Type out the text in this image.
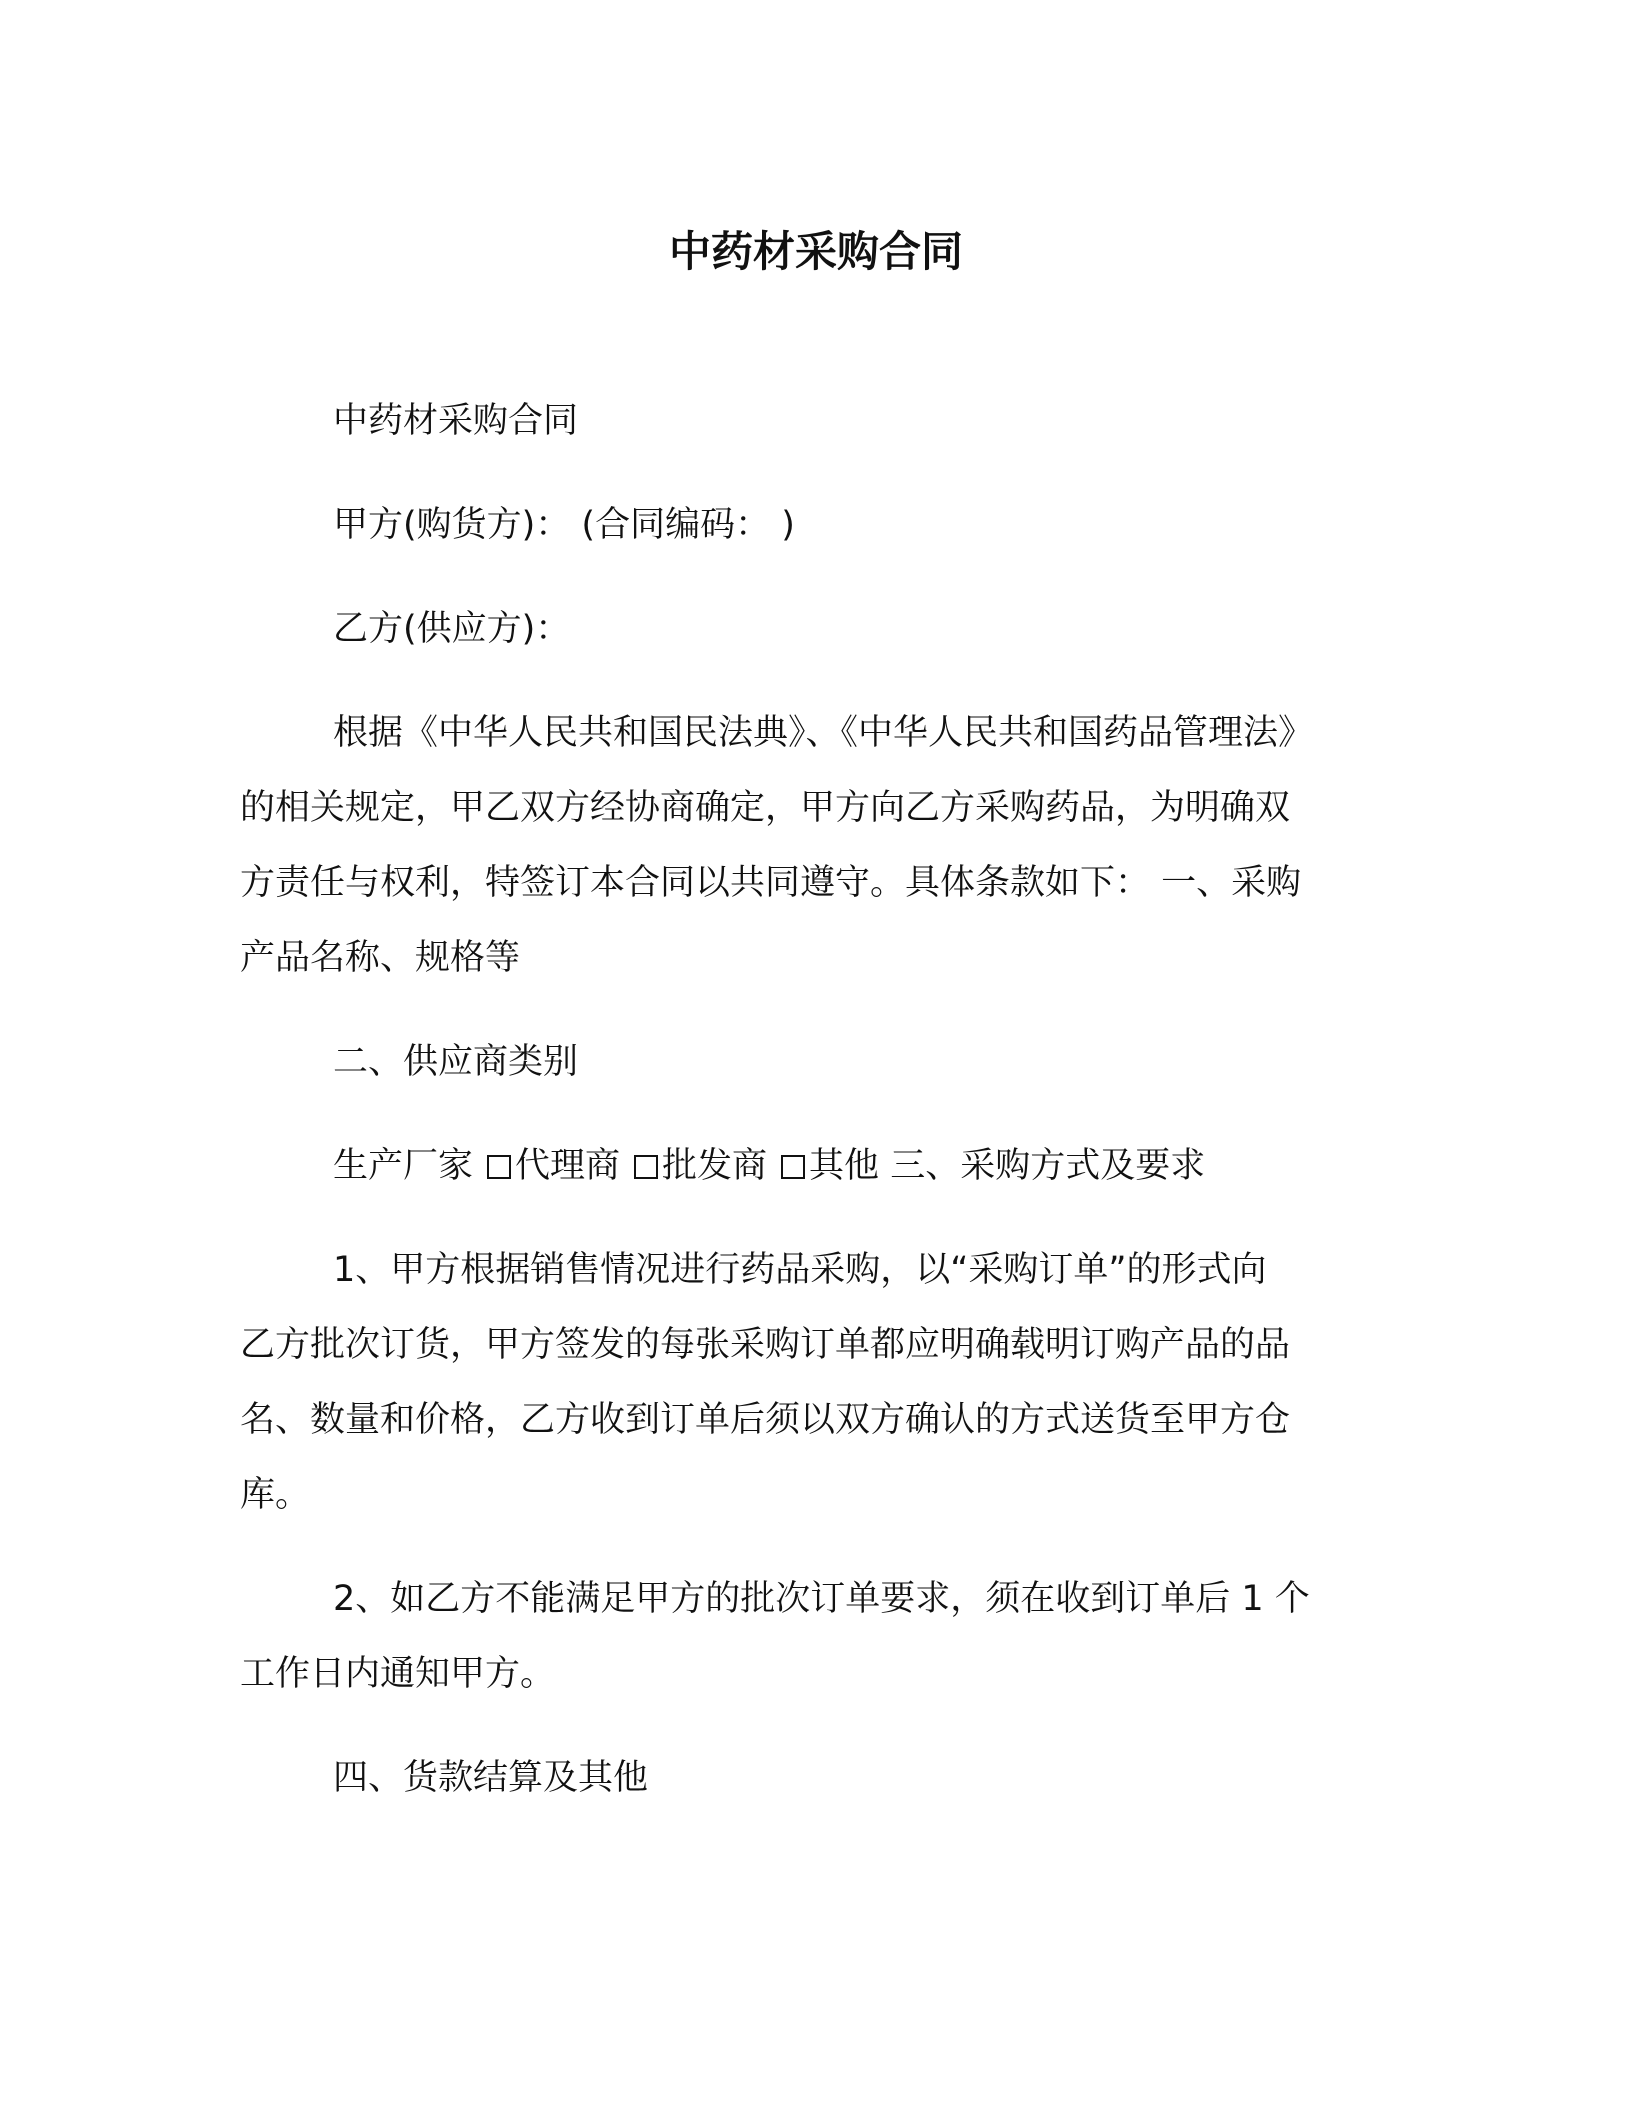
中药材采购合同

中药材采购合同

甲方(购货方)： (合同编码： )

乙方(供应方)：

根据《中华人民共和国民法典》、《中华人民共和国药品管理法》

的相关规定，甲乙双方经协商确定，甲方向乙方采购药品，为明确双

方责任与权利，特签订本合同以共同遵守。具体条款如下： 一、采购

产品名称、规格等

二、供应商类别

生产厂家 代理商 批发商 其他 三、采购方式及要求

1、甲方根据销售情况进行药品采购，以“采购订单”的形式向

乙方批次订货，甲方签发的每张采购订单都应明确载明订购产品的品

名、数量和价格，乙方收到订单后须以双方确认的方式送货至甲方仓

库。

2、如乙方不能满足甲方的批次订单要求，须在收到订单后 1 个

工作日内通知甲方。

四、货款结算及其他
